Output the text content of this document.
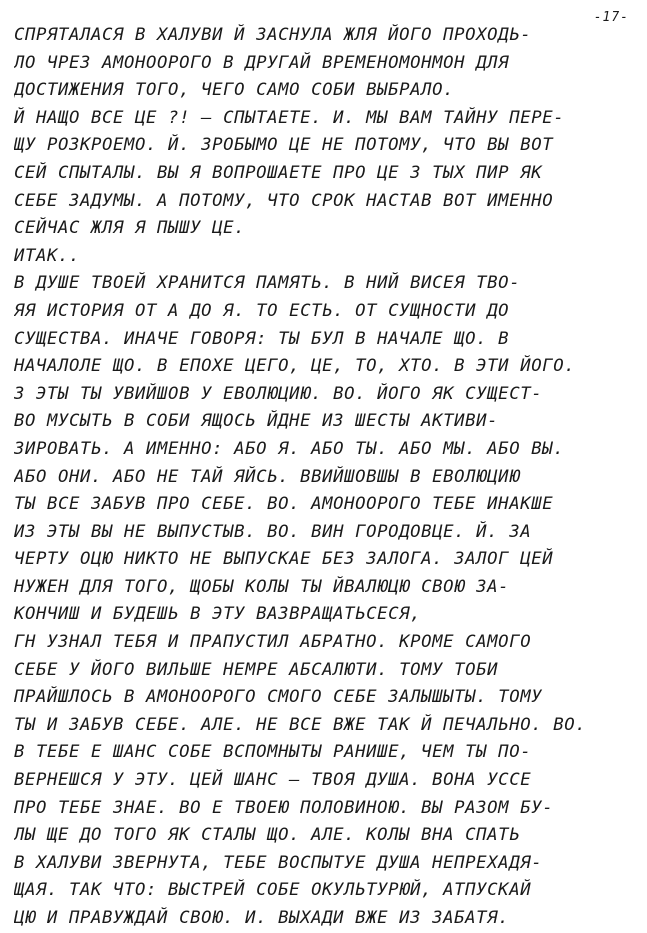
-17-
СПРЯТАЛАСЯ В ХАЛУВИ Й ЗАСНУЛА ЖЛЯ ЙОГО ПРОХОДЬ-
ЛО ЧРЕЗ АМОНООРОГО В ДРУГАЙ ВРЕМЕНОМОНМОН ДЛЯ
ДОСТИЖЕНИЯ ТОГО, ЧЕГО САМО СОБИ ВЫБРАЛО.
Й НАЩО ВСЕ ЦЕ ?! – СПЫТАЕТЕ. И. МЫ ВАМ ТАЙНУ ПЕРЕ-
ЩУ РОЗКРОЕМО. Й. ЗРОБЫМО ЦЕ НЕ ПОТОМУ, ЧТО ВЫ ВОТ
СЕЙ СПЫТАЛЫ. ВЫ Я ВОПРОШАЕТЕ ПРО ЦЕ З ТЫХ ПИР ЯК
СЕБЕ ЗАДУМЫ. А ПОТОМУ, ЧТО СРОК НАСТАВ ВОТ ИМЕННО
СЕЙЧАС ЖЛЯ Я ПЫШУ ЦЕ.
ИТАК..
В ДУШЕ ТВОЕЙ ХРАНИТСЯ ПАМЯТЬ. В НИЙ ВИСЕЯ ТВО-
ЯЯ ИСТОРИЯ ОТ А ДО Я. ТО ЕСТЬ. ОТ СУЩНОСТИ ДО
СУЩЕСТВА. ИНАЧЕ ГОВОРЯ: ТЫ БУЛ В НАЧАЛЕ ЩО. В
НАЧАЛОЛЕ ЩО. В ЕПОХЕ ЦЕГО, ЦЕ, ТО, ХТО. В ЭТИ ЙОГО.
З ЭТЫ ТЫ УВИЙШОВ У ЕВОЛЮЦИЮ. ВО. ЙОГО ЯК СУЩЕСТ-
ВО МУСЫТЬ В СОБИ ЯЩОСЬ ЙДНЕ ИЗ ШЕСТЫ АКТИВИ-
ЗИРОВАТЬ. А ИМЕННО: АБО Я. АБО ТЫ. АБО МЫ. АБО ВЫ.
АБО ОНИ. АБО НЕ ТАЙ ЯЙСЬ. ВВИЙШОВШЫ В ЕВОЛЮЦИЮ
ТЫ ВСЕ ЗАБУВ ПРО СЕБЕ. ВО. АМОНООРОГО ТЕБЕ ИНАКШЕ
ИЗ ЭТЫ ВЫ НЕ ВЫПУСТЫВ. ВО. ВИН ГОРОДОВЦЕ. Й. ЗА
ЧЕРТУ ОЦЮ НИКТО НЕ ВЫПУСКАЕ БЕЗ ЗАЛОГА. ЗАЛОГ ЦЕЙ
НУЖЕН ДЛЯ ТОГО, ЩОБЫ КОЛЫ ТЫ ЙВАЛЮЦЮ СВОЮ ЗА-
КОНЧИШ И БУДЕШЬ В ЭТУ ВАЗВРАЩАТЬСЕСЯ,
ГН УЗНАЛ ТЕБЯ И ПРАПУСТИЛ АБРАТНО. КРОМЕ САМОГО
СЕБЕ У ЙОГО ВИЛЬШЕ НЕМРЕ АБСАЛЮТИ. ТОМУ ТОБИ
ПРАЙШЛОСЬ В АМОНООРОГО СМОГО СЕБЕ ЗАЛЫШЫТЫ. ТОМУ
ТЫ И ЗАБУВ СЕБЕ. АЛЕ. НЕ ВСЕ ВЖЕ ТАК Й ПЕЧАЛЬНО. ВО.
В ТЕБЕ Е ШАНС СОБЕ ВСПОМНЫТЫ РАНИШЕ, ЧЕМ ТЫ ПО-
ВЕРНЕШСЯ У ЭТУ. ЦЕЙ ШАНС – ТВОЯ ДУША. ВОНА УССЕ
ПРО ТЕБЕ ЗНАЕ. ВО Е ТВОЕЮ ПОЛОВИНОЮ. ВЫ РАЗОМ БУ-
ЛЫ ЩЕ ДО ТОГО ЯК СТАЛЫ ЩО. АЛЕ. КОЛЫ ВНА СПАТЬ
В ХАЛУВИ ЗВЕРНУТА, ТЕБЕ ВОСПЫТУЕ ДУША НЕПРЕХАДЯ-
ЩАЯ. ТАК ЧТО: ВЫСТРЕЙ СОБЕ ОКУЛЬТУРЮЙ, АТПУСКАЙ
ЦЮ И ПРАВУЖДАЙ СВОЮ. И. ВЫХАДИ ВЖЕ ИЗ ЗАБАТЯ.
